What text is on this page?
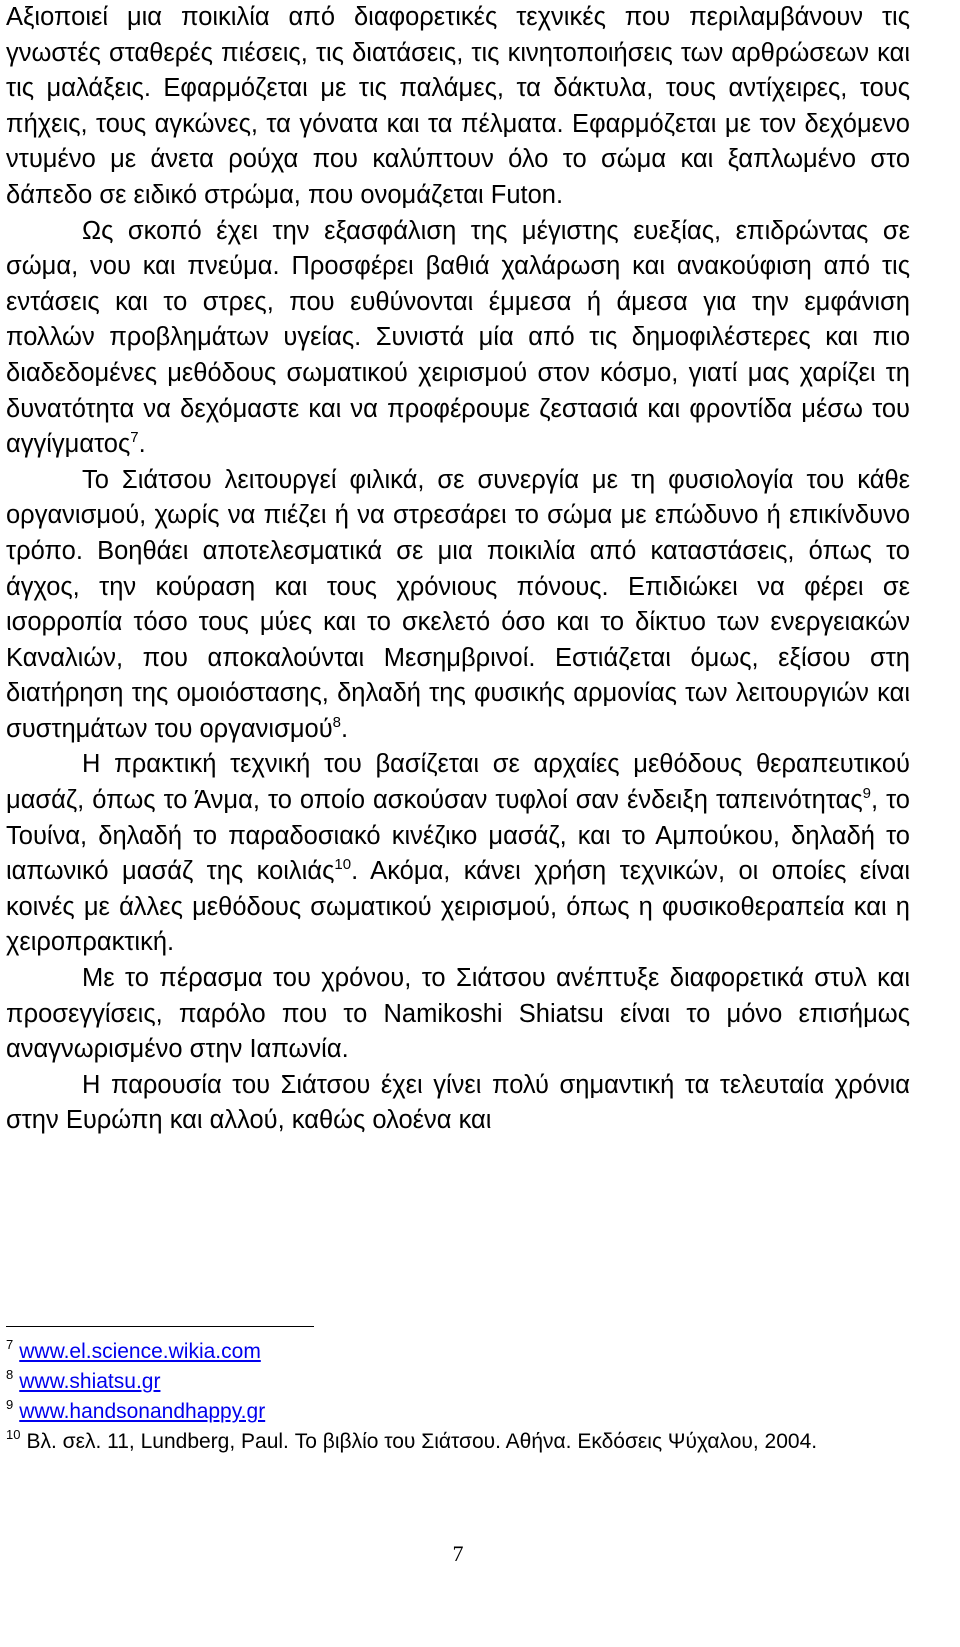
Αξιοποιεί μια ποικιλία από διαφορετικές τεχνικές που περιλαμβάνουν τις γνωστές σταθερές πιέσεις, τις διατάσεις, τις κινητοποιήσεις των αρθρώσεων και τις μαλάξεις. Εφαρμόζεται με τις παλάμες, τα δάκτυλα, τους αντίχειρες, τους πήχεις, τους αγκώνες, τα γόνατα και τα πέλματα. Εφαρμόζεται με τον δεχόμενο ντυμένο με άνετα ρούχα που καλύπτουν όλο το σώμα και ξαπλωμένο στο δάπεδο σε ειδικό στρώμα, που ονομάζεται Futon.

Ως σκοπό έχει την εξασφάλιση της μέγιστης ευεξίας, επιδρώντας σε σώμα, νου και πνεύμα. Προσφέρει βαθιά χαλάρωση και ανακούφιση από τις εντάσεις και το στρες, που ευθύνονται έμμεσα ή άμεσα για την εμφάνιση πολλών προβλημάτων υγείας. Συνιστά μία από τις δημοφιλέστερες και πιο διαδεδομένες μεθόδους σωματικού χειρισμού στον κόσμο, γιατί μας χαρίζει τη δυνατότητα να δεχόμαστε και να προφέρουμε ζεστασιά και φροντίδα μέσω του αγγίγματος$^7$.

Το Σιάτσου λειτουργεί φιλικά, σε συνεργία με τη φυσιολογία του κάθε οργανισμού, χωρίς να πιέζει ή να στρεσάρει το σώμα με επώδυνο ή επικίνδυνο τρόπο. Βοηθάει αποτελεσματικά σε μια ποικιλία από καταστάσεις, όπως το άγχος, την κούραση και τους χρόνιους πόνους. Επιδιώκει να φέρει σε ισορροπία τόσο τους μύες και το σκελετό όσο και το δίκτυο των ενεργειακών Καναλιών, που αποκαλούνται Μεσημβρινοί. Εστιάζεται όμως, εξίσου στη διατήρηση της ομοιόστασης, δηλαδή της φυσικής αρμονίας των λειτουργιών και συστημάτων του οργανισμού$^8$.

Η πρακτική τεχνική του βασίζεται σε αρχαίες μεθόδους θεραπευτικού μασάζ, όπως το Άνμα, το οποίο ασκούσαν τυφλοί σαν ένδειξη ταπεινότητας$^9$, το Τουίνα, δηλαδή το παραδοσιακό κινέζικο μασάζ, και το Αμπούκου, δηλαδή το ιαπωνικό μασάζ της κοιλιάς$^{10}$. Ακόμα, κάνει χρήση τεχνικών, οι οποίες είναι κοινές με άλλες μεθόδους σωματικού χειρισμού, όπως η φυσικοθεραπεία και η χειροπρακτική.

Με το πέρασμα του χρόνου, το Σιάτσου ανέπτυξε διαφορετικά στυλ και προσεγγίσεις, παρόλο που το Namikoshi Shiatsu είναι το μόνο επισήμως αναγνωρισμένο στην Ιαπωνία.

Η παρουσία του Σιάτσου έχει γίνει πολύ σημαντική τα τελευταία χρόνια στην Ευρώπη και αλλού, καθώς ολοένα και

$^7$ www.el.science.wikia.com

$^8$ www.shiatsu.gr

$^9$ www.handsonandhappy.gr

$^{10}$ Βλ. σελ. 11, Lundberg, Paul. Το βιβλίο του Σιάτσου. Αθήνα. Εκδόσεις Ψύχαλου, 2004.

7
